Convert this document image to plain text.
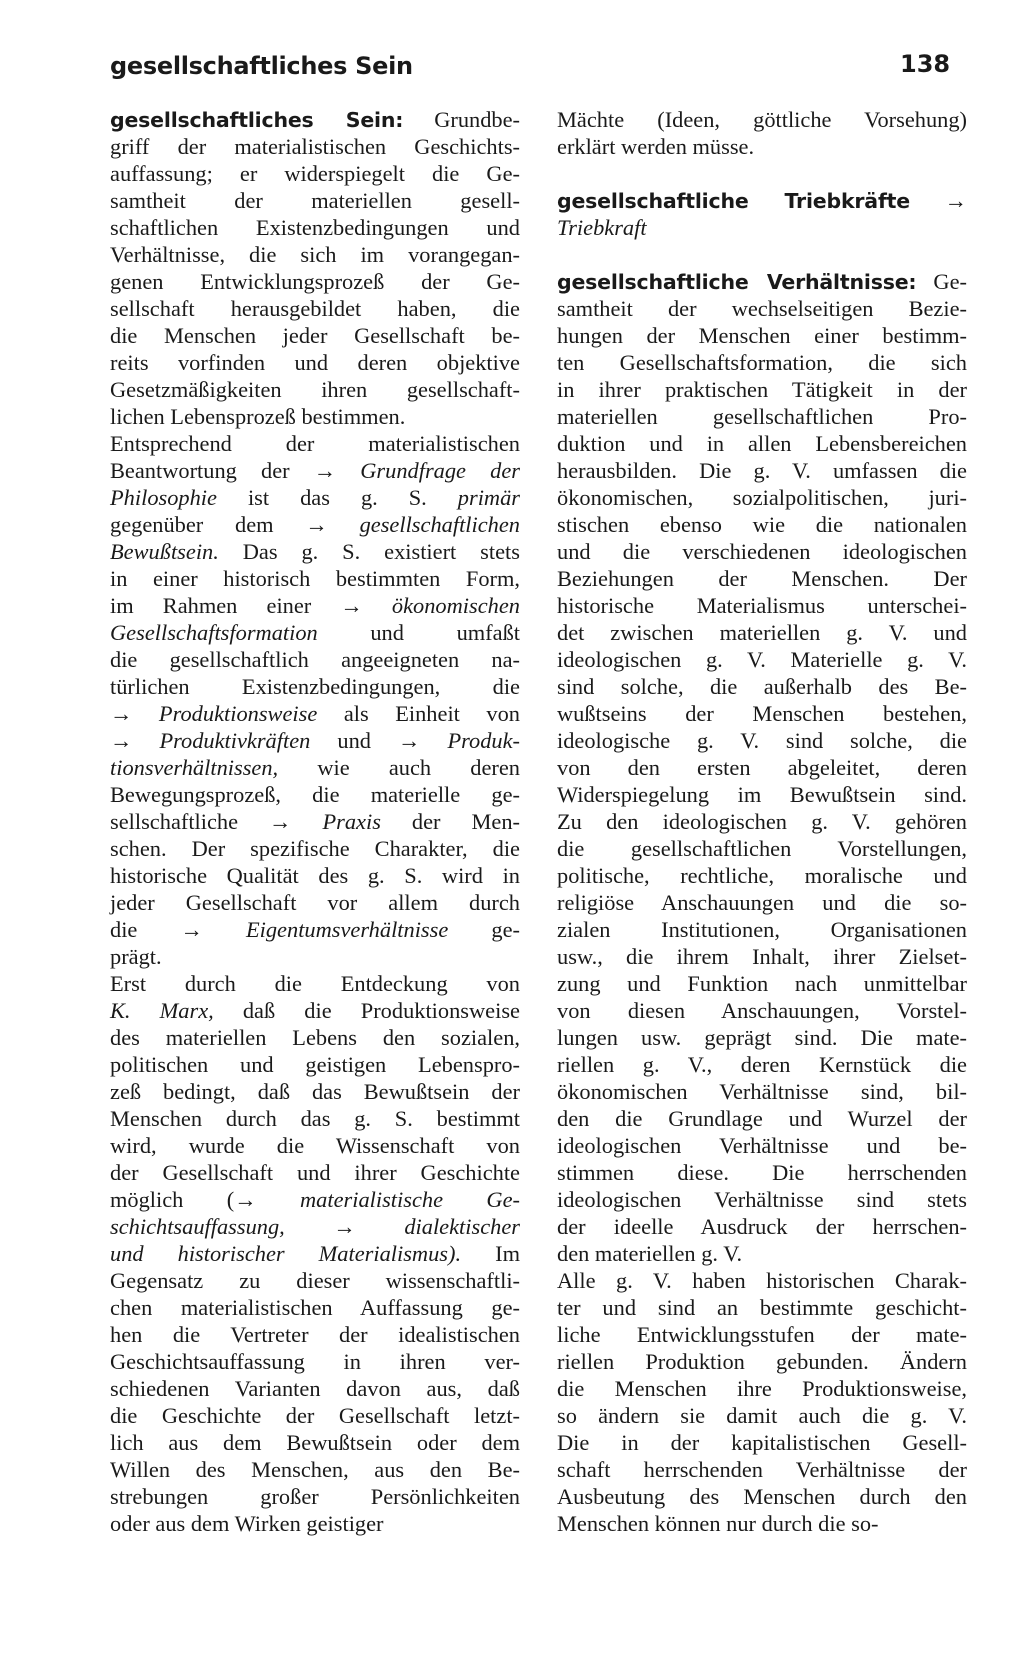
gesellschaftliches Sein	138
gesellschaftliches Sein: Grundbe-
griff der materialistischen Geschichts-
auffassung; er widerspiegelt die Ge-
samtheit der materiellen gesell-
schaftlichen Existenzbedingungen und
Verhältnisse, die sich im vorangegan-
genen Entwicklungsprozeß der Ge-
sellschaft herausgebildet haben, die
die Menschen jeder Gesellschaft be-
reits vorfinden und deren objektive
Gesetzmäßigkeiten ihren gesellschaft-
lichen Lebensprozeß bestimmen.
Entsprechend der materialistischen
Beantwortung der → Grundfrage der
Philosophie ist das g. S. primär
gegenüber dem → gesellschaftlichen
Bewußtsein. Das g. S. existiert stets
in einer historisch bestimmten Form,
im Rahmen einer → ökonomischen
Gesellschaftsformation und umfaßt
die gesellschaftlich angeeigneten na-
türlichen Existenzbedingungen, die
→ Produktionsweise als Einheit von
→ Produktivkräften und → Produk-
tionsverhältnissen, wie auch deren
Bewegungsprozeß, die materielle ge-
sellschaftliche → Praxis der Men-
schen. Der spezifische Charakter, die
historische Qualität des g. S. wird in
jeder Gesellschaft vor allem durch
die → Eigentumsverhältnisse ge-
prägt.
Erst durch die Entdeckung von
K. Marx, daß die Produktionsweise
des materiellen Lebens den sozialen,
politischen und geistigen Lebenspro-
zeß bedingt, daß das Bewußtsein der
Menschen durch das g. S. bestimmt
wird, wurde die Wissenschaft von
der Gesellschaft und ihrer Geschichte
möglich (→ materialistische Ge-
schichtsauffassung, → dialektischer
und historischer Materialismus). Im
Gegensatz zu dieser wissenschaftli-
chen materialistischen Auffassung ge-
hen die Vertreter der idealistischen
Geschichtsauffassung in ihren ver-
schiedenen Varianten davon aus, daß
die Geschichte der Gesellschaft letzt-
lich aus dem Bewußtsein oder dem
Willen des Menschen, aus den Be-
strebungen großer Persönlichkeiten
oder aus dem Wirken geistiger
Mächte (Ideen, göttliche Vorsehung)
erklärt werden müsse.
gesellschaftliche Triebkräfte →
Triebkraft
gesellschaftliche Verhältnisse: Ge-
samtheit der wechselseitigen Bezie-
hungen der Menschen einer bestimm-
ten Gesellschaftsformation, die sich
in ihrer praktischen Tätigkeit in der
materiellen gesellschaftlichen Pro-
duktion und in allen Lebensbereichen
herausbilden. Die g. V. umfassen die
ökonomischen, sozialpolitischen, juri-
stischen ebenso wie die nationalen
und die verschiedenen ideologischen
Beziehungen der Menschen. Der
historische Materialismus unterschei-
det zwischen materiellen g. V. und
ideologischen g. V. Materielle g. V.
sind solche, die außerhalb des Be-
wußtseins der Menschen bestehen,
ideologische g. V. sind solche, die
von den ersten abgeleitet, deren
Widerspiegelung im Bewußtsein sind.
Zu den ideologischen g. V. gehören
die gesellschaftlichen Vorstellungen,
politische, rechtliche, moralische und
religiöse Anschauungen und die so-
zialen Institutionen, Organisationen
usw., die ihrem Inhalt, ihrer Zielset-
zung und Funktion nach unmittelbar
von diesen Anschauungen, Vorstel-
lungen usw. geprägt sind. Die mate-
riellen g. V., deren Kernstück die
ökonomischen Verhältnisse sind, bil-
den die Grundlage und Wurzel der
ideologischen Verhältnisse und be-
stimmen diese. Die herrschenden
ideologischen Verhältnisse sind stets
der ideelle Ausdruck der herrschen-
den materiellen g. V.
Alle g. V. haben historischen Charak-
ter und sind an bestimmte geschicht-
liche Entwicklungsstufen der mate-
riellen Produktion gebunden. Ändern
die Menschen ihre Produktionsweise,
so ändern sie damit auch die g. V.
Die in der kapitalistischen Gesell-
schaft herrschenden Verhältnisse der
Ausbeutung des Menschen durch den
Menschen können nur durch die so-
